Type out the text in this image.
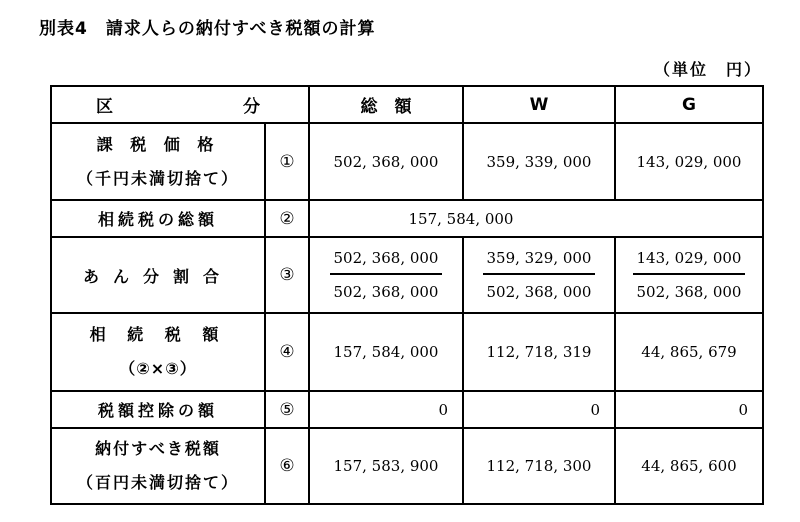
別表4　請求人らの納付すべき税額の計算
（単位　円）
区 分		総　額	W	G

課 税 価 格
（千円未満切捨て）	①	502, 368, 000	359, 339, 000	143, 029, 000
相続税の総額	②	157, 584, 000		
あん分割合	③	$\frac{502, 368, 000}{502, 368, 000}$	$\frac{359, 329, 000}{502, 368, 000}$	$\frac{143, 029, 000}{502, 368, 000}$

相 続 税 額
（②×③）	④	157, 584, 000	112, 718, 319	44, 865, 679
税額控除の額	⑤	0	0	0

納付すべき税額
（百円未満切捨て）	⑥	157, 583, 900	112, 718, 300	44, 865, 600
